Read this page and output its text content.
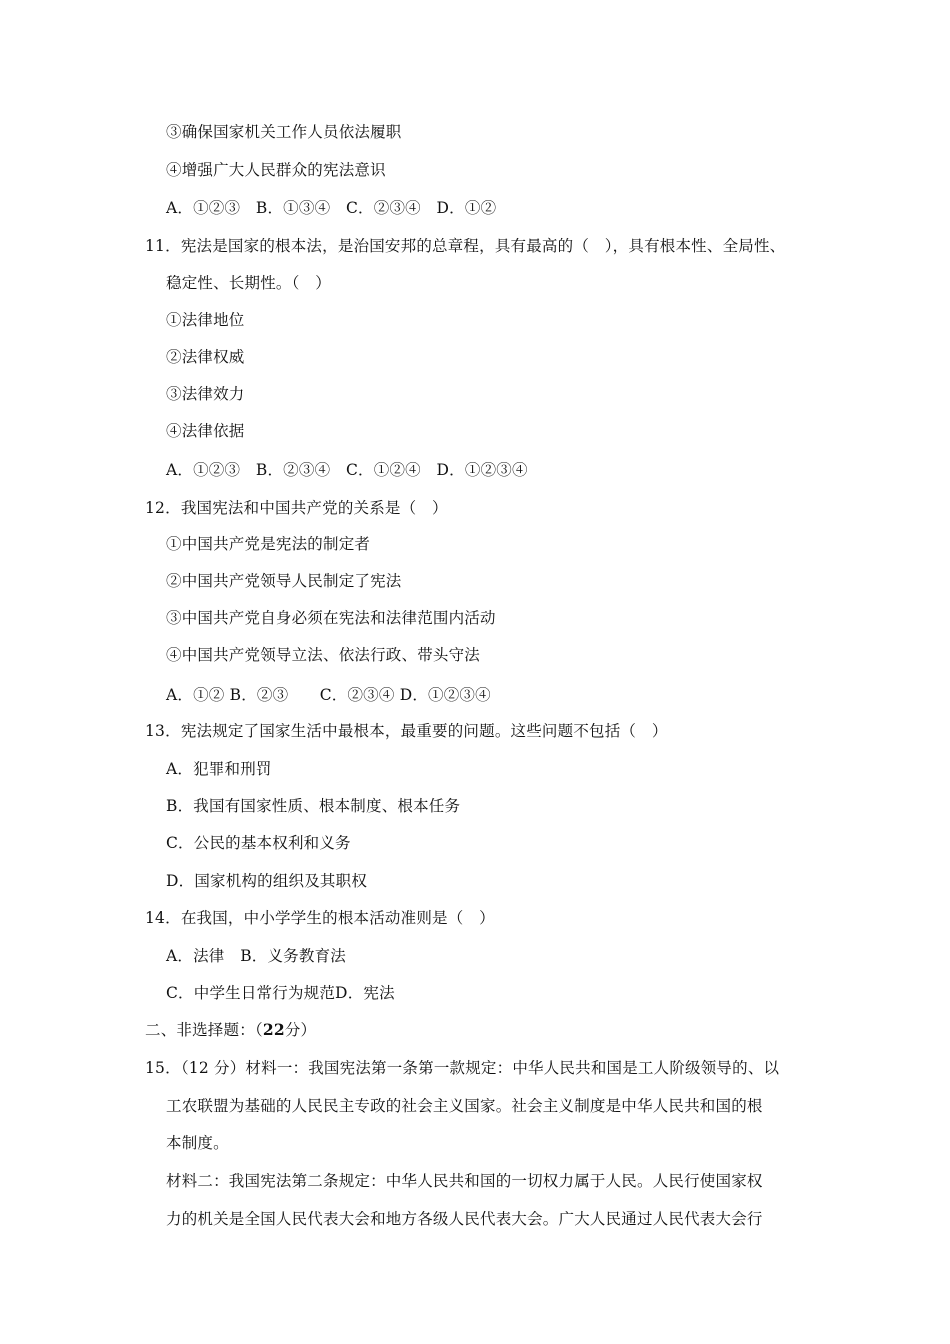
③确保国家机关工作人员依法履职
④增强广大人民群众的宪法意识
A．①②③　B．①③④　C．②③④　D．①②
11．宪法是国家的根本法，是治国安邦的总章程，具有最高的（　），具有根本性、全局性、
稳定性、长期性。（　）
①法律地位
②法律权威
③法律效力
④法律依据
A．①②③　B．②③④　C．①②④　D．①②③④
12．我国宪法和中国共产党的关系是（　）
①中国共产党是宪法的制定者
②中国共产党领导人民制定了宪法
③中国共产党自身必须在宪法和法律范围内活动
④中国共产党领导立法、依法行政、带头守法
A．①② B．②③　　C．②③④ D．①②③④
13．宪法规定了国家生活中最根本，最重要的问题。这些问题不包括（　）
A．犯罪和刑罚
B．我国有国家性质、根本制度、根本任务
C．公民的基本权利和义务
D．国家机构的组织及其职权
14．在我国，中小学学生的根本活动准则是（　）
A．法律　B．义务教育法
C．中学生日常行为规范D．宪法
二、非选择题：（22分）
15．（12 分）材料一：我国宪法第一条第一款规定：中华人民共和国是工人阶级领导的、以
工农联盟为基础的人民民主专政的社会主义国家。社会主义制度是中华人民共和国的根
本制度。
材料二：我国宪法第二条规定：中华人民共和国的一切权力属于人民。人民行使国家权
力的机关是全国人民代表大会和地方各级人民代表大会。广大人民通过人民代表大会行
